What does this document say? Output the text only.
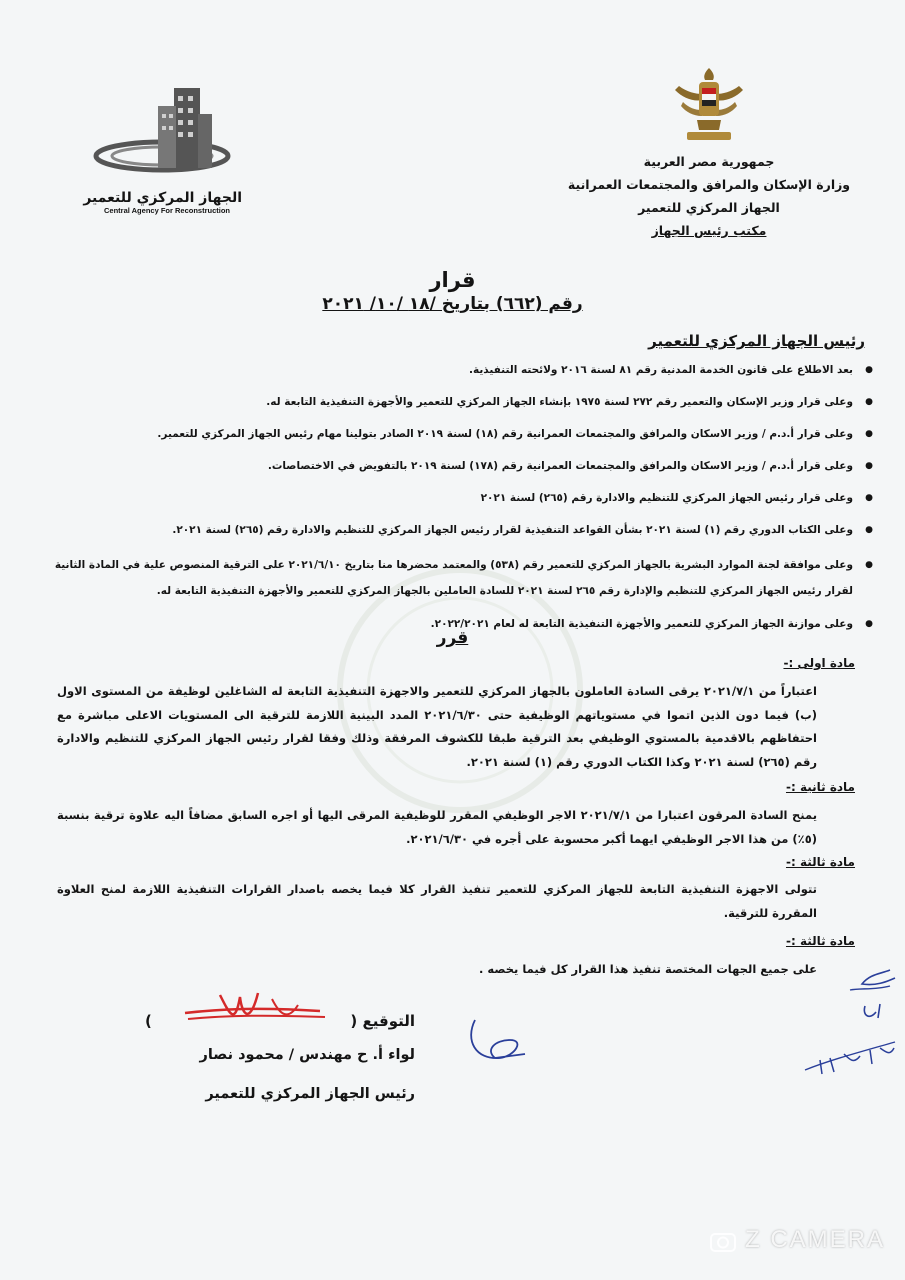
جمهورية مصر العربية
وزارة الإسكان والمرافق والمجتمعات العمرانية
الجهاز المركزي للتعمير
مكتب رئيس الجهاز
الجهاز المركزي للتعمير
Central Agency For Reconstruction
قرار
رقم (٦٦٢) بتاريخ /١٨ /١٠/ ٢٠٢١
رئيس الجهاز المركزي للتعمير
● بعد الاطلاع على قانون الخدمة المدنية رقم ٨١ لسنة ٢٠١٦ ولائحته التنفيذية.
● وعلى قرار وزير الإسكان والتعمير رقم ٢٧٢ لسنة ١٩٧٥ بإنشاء الجهاز المركزي للتعمير والأجهزة التنفيذية التابعة له.
● وعلى قرار أ.د.م / وزير الاسكان والمرافق والمجتمعات العمرانية رقم (١٨) لسنة ٢٠١٩ الصادر بتولينا مهام رئيس الجهاز المركزي للتعمير.
● وعلى قرار أ.د.م / وزير الاسكان والمرافق والمجتمعات العمرانية رقم (١٧٨) لسنة ٢٠١٩ بالتفويض في الاختصاصات.
● وعلى قرار رئيس الجهاز المركزي للتنظيم والادارة رقم (٢٦٥) لسنة ٢٠٢١
● وعلى الكتاب الدوري رقم (١) لسنة ٢٠٢١ بشأن القواعد التنفيذية لقرار رئيس الجهاز المركزي للتنظيم والادارة رقم (٢٦٥) لسنة ٢٠٢١.
● وعلى موافقة لجنة الموارد البشرية بالجهاز المركزي للتعمير رقم (٥٣٨) والمعتمد محضرها منا بتاريخ ٢٠٢١/٦/١٠ على الترقية المنصوص علية في المادة الثانية لقرار رئيس الجهاز المركزي للتنظيم والإدارة رقم ٢٦٥ لسنة ٢٠٢١ للسادة العاملين بالجهاز المركزي للتعمير والأجهزة التنفيذية التابعة له.
● وعلى موازنة الجهاز المركزي للتعمير والأجهزة التنفيذية التابعة له لعام ٢٠٢٢/٢٠٢١.
قرر
مادة اولى :-
اعتباراً من ٢٠٢١/٧/١ يرقى السادة العاملون بالجهاز المركزي للتعمير والاجهزة التنفيذية التابعة له الشاغلين لوظيفة من المستوى الاول (ب) فيما دون الذين اتموا في مستوياتهم الوظيفية حتى ٢٠٢١/٦/٣٠ المدد البينية اللازمة للترقية الى المستويات الاعلى مباشرة مع احتفاظهم بالاقدمية بالمستوي الوظيفي بعد الترقية طبقا للكشوف المرفقة وذلك وفقا لقرار رئيس الجهاز المركزي للتنظيم والادارة رقم (٢٦٥) لسنة ٢٠٢١ وكذا الكتاب الدوري رقم (١) لسنة ٢٠٢١.
مادة ثانية :-
يمنح السادة المرقون اعتبارا من ٢٠٢١/٧/١ الاجر الوظيفي المقرر للوظيفية المرقى اليها أو اجره السابق مضافاً اليه علاوة ترقية بنسبة (٥٪) من هذا الاجر الوظيفي ايهما أكبر محسوبة على أجره في ٢٠٢١/٦/٣٠.
مادة ثالثة :-
تتولى الاجهزة التنفيذية التابعة للجهاز المركزي للتعمير تنفيذ القرار كلا فيما يخصه باصدار القرارات التنفيذية اللازمة لمنح العلاوة المقررة للترقية.
مادة ثالثة :-
على جميع الجهات المختصة تنفيذ هذا القرار كل فيما يخصه .
التوقيع (
)
لواء أ. ح مهندس / محمود نصار
رئيس الجهاز المركزي للتعمير
Z CAMERA
